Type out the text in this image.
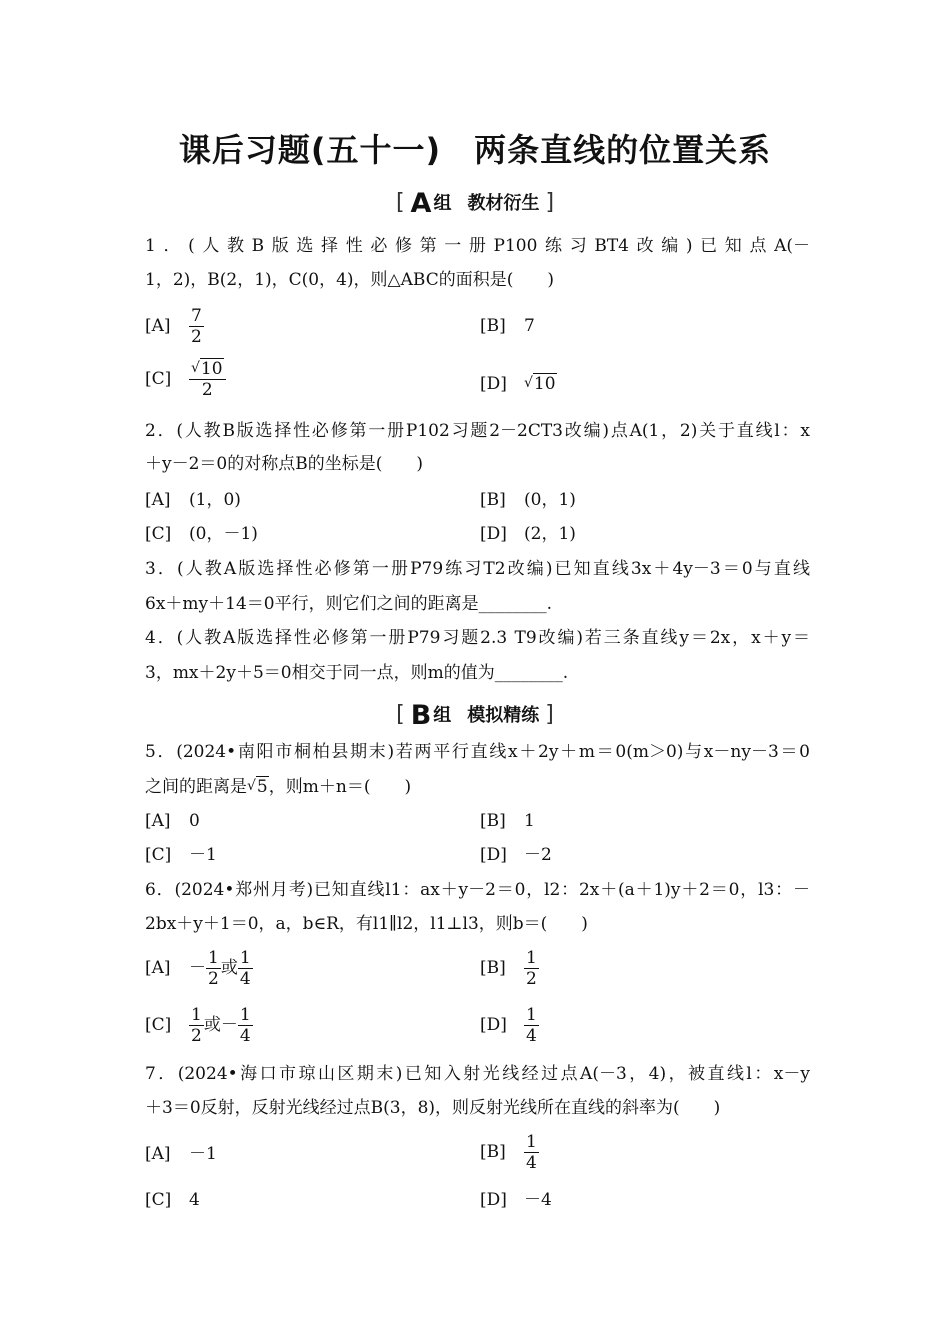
课后习题(五十一)　两条直线的位置关系
[ A 组 教材衍生 ]
1．(人教B版选择性必修第一册P100练习BT4改编)已知点A(－
1，2)，B(2，1)，C(0，4)，则△ABC的面积是(　　)
$[A] \frac{7}{2}$	[B] 7
$[C] \frac{√10}{2}$	[D] √10
2．(人教B版选择性必修第一册P102习题2－2CT3改编)点A(1，2)关于直线l：x
＋y－2＝0的对称点B的坐标是(　　)
[A] (1，0)	[B] (0，1)
[C] (0，－1)	[D] (2，1)
3．(人教A版选择性必修第一册P79练习T2改编)已知直线3x＋4y－3＝0与直线
6x＋my＋14＝0平行，则它们之间的距离是________.
4．(人教A版选择性必修第一册P79习题2.3 T9改编)若三条直线y＝2x，x＋y＝
3，mx＋2y＋5＝0相交于同一点，则m的值为________.
[ B 组 模拟精练 ]
5．(2024•南阳市桐柏县期末)若两平行直线x＋2y＋m＝0(m＞0)与x－ny－3＝0
之间的距离是√5，则m＋n＝(　　)
[A] 0	[B] 1
[C] －1	[D] －2
6．(2024•郑州月考)已知直线l1：ax＋y－2＝0，l2：2x＋(a＋1)y＋2＝0，l3：－
2bx＋y＋1＝0，a，b∈R，有l1∥l2，l1⊥l3，则b＝(　　)
$[A] - \frac{1}{2}$ 或 $\frac{1}{4}$	$[B] \frac{1}{2}$
$[C] \frac{1}{2}$ 或－ $\frac{1}{4}$	$[D] \frac{1}{4}$
7．(2024•海口市琼山区期末)已知入射光线经过点A(－3，4)，被直线l：x－y
＋3＝0反射，反射光线经过点B(3，8)，则反射光线所在直线的斜率为(　　)
[A] －1	$[B] \frac{1}{4}$
[C] 4	[D] －4
